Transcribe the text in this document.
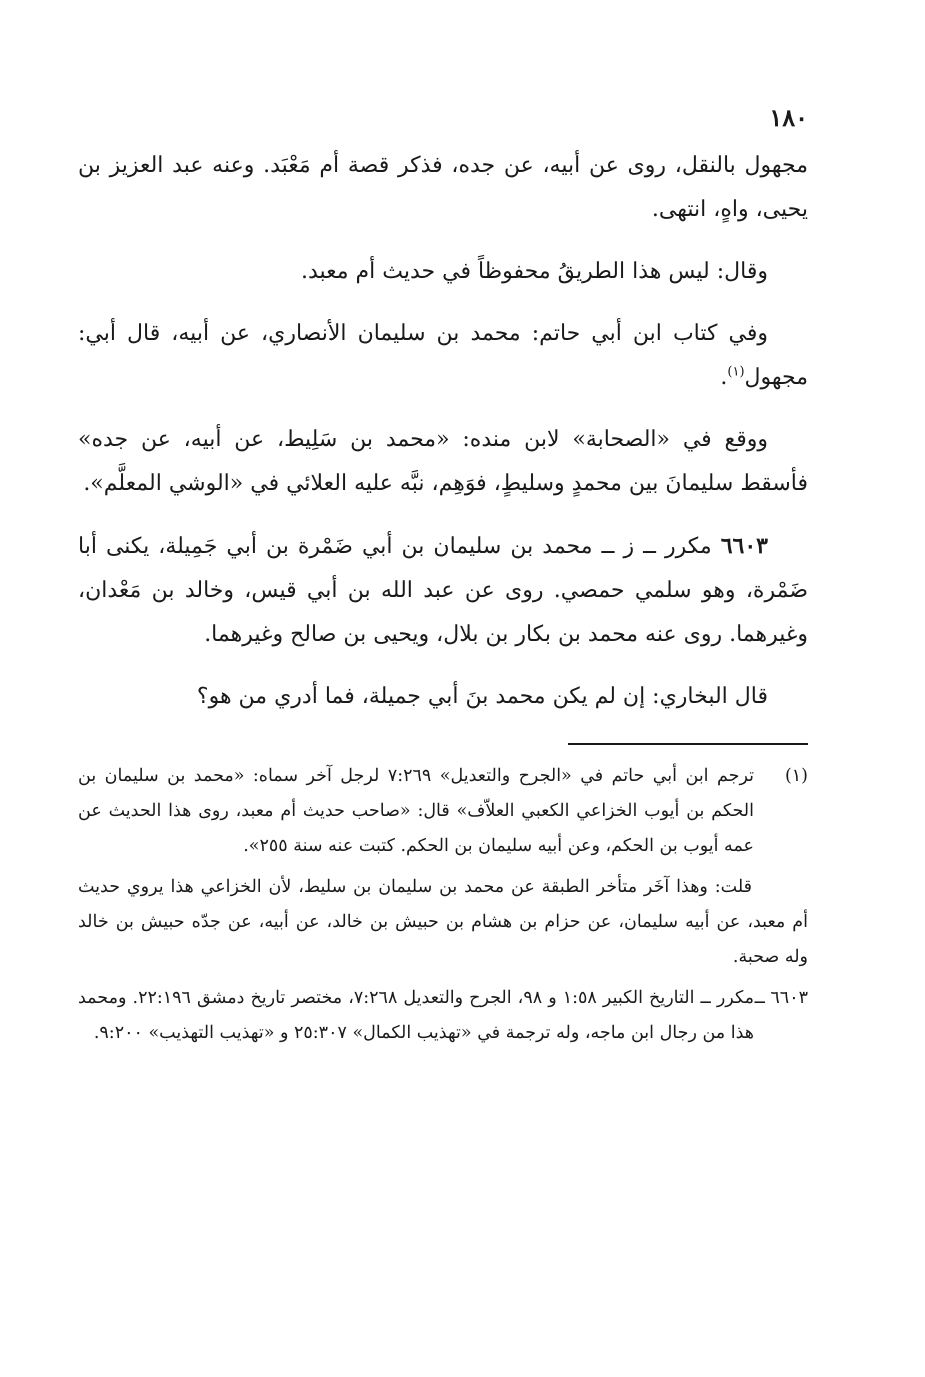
١٨٠

مجهول بالنقل، روى عن أبيه، عن جده، فذكر قصة أم مَعْبَد. وعنه عبد العزيز بن يحيى، واهٍ، انتهى.

وقال: ليس هذا الطريقُ محفوظاً في حديث أم معبد.

وفي كتاب ابن أبي حاتم: محمد بن سليمان الأنصاري، عن أبيه، قال أبي: مجهول$^{(١)}$.

ووقع في «الصحابة» لابن منده: «محمد بن سَلِيط، عن أبيه، عن جده» فأسقط سليمانَ بين محمدٍ وسليطٍ، فوَهِم، نبَّه عليه العلائي في «الوشي المعلَّم».

٦٦٠٣ مكرر ــ ز ــ محمد بن سليمان بن أبي ضَمْرة بن أبي جَمِيلة، يكنى أبا ضَمْرة، وهو سلمي حمصي. روى عن عبد الله بن أبي قيس، وخالد بن مَعْدان، وغيرهما. روى عنه محمد بن بكار بن بلال، ويحيى بن صالح وغيرهما.

قال البخاري: إن لم يكن محمد بنَ أبي جميلة، فما أدري من هو؟

(١)
ترجم ابن أبي حاتم في «الجرح والتعديل» ٧:٢٦٩ لرجل آخر سماه: «محمد بن سليمان بن الحكم بن أيوب الخزاعي الكعبي العلاّف» قال: «صاحب حديث أم معبد، روى هذا الحديث عن عمه أيوب بن الحكم، وعن أبيه سليمان بن الحكم. كتبت عنه سنة ٢٥٥».

قلت: وهذا آخَر متأخر الطبقة عن محمد بن سليمان بن سليط، لأن الخزاعي هذا يروي حديث أم معبد، عن أبيه سليمان، عن حزام بن هشام بن حبيش بن خالد، عن أبيه، عن جدّه حبيش بن خالد وله صحبة.

٦٦٠٣ ــ
مكرر ــ التاريخ الكبير ١:٥٨ و ٩٨، الجرح والتعديل ٧:٢٦٨، مختصر تاريخ دمشق ٢٢:١٩٦. ومحمد هذا من رجال ابن ماجه، وله ترجمة في «تهذيب الكمال» ٢٥:٣٠٧ و «تهذيب التهذيب» ٩:٢٠٠.
